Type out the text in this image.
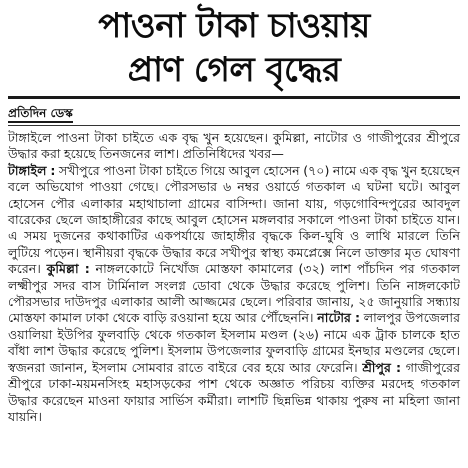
পাওনা টাকা চাওয়ায়
প্রাণ গেল বৃদ্ধের
প্রতিদিন ডেস্ক

টাঙ্গাইলে পাওনা টাকা চাইতে এক বৃদ্ধ খুন হয়েছেন। কুমিল্লা, নাটোর ও গাজীপুরের শ্রীপুরে উদ্ধার করা হয়েছে তিনজনের লাশ। প্রতিনিধিদের খবর—
টাঙ্গাইল : সখীপুরে পাওনা টাকা চাইতে গিয়ে আবুল হোসেন (৭০) নামে এক বৃদ্ধ খুন হয়েছেন বলে অভিযোগ পাওয়া গেছে। পৌরসভার ৬ নম্বর ওয়ার্ডে গতকাল এ ঘটনা ঘটে। আবুল হোসেন পৌর এলাকার মহাথাচালা গ্রামের বাসিন্দা। জানা যায়, গড়গোবিন্দপুরের আবদুল বারেকের ছেলে জাহাঙ্গীরের কাছে আবুল হোসেন মঙ্গলবার সকালে পাওনা টাকা চাইতে যান। এ সময় দুজনের কথাকাটির একপর্যায়ে জাহাঙ্গীর বৃদ্ধকে কিল-ঘুষি ও লাথি মারলে তিনি লুটিয়ে পড়েন। স্থানীয়রা বৃদ্ধকে উদ্ধার করে সখীপুর স্বাস্থ্য কমপ্লেক্সে নিলে ডাক্তার মৃত ঘোষণা করেন। কুমিল্লা : নাঙ্গলকোটে নিখোঁজ মোস্তফা কামালের (৩২) লাশ পাঁচদিন পর গতকাল লক্ষ্মীপুর সদর বাস টার্মিনাল সংলগ্ন ডোবা থেকে উদ্ধার করেছে পুলিশ। তিনি নাঙ্গলকোট পৌরসভার দাউদপুর এলাকার আলী আজ্জমের ছেলে। পরিবার জানায়, ২৫ জানুয়ারি সন্ধ্যায় মোস্তফা কামাল ঢাকা থেকে বাড়ি রওয়ানা হয়ে আর পৌঁছেননি। নাটোর : লালপুর উপজেলার ওয়ালিয়া ইউপির ফুলবাড়ি থেকে গতকাল ইসলাম মণ্ডল (২৬) নামে এক ট্রাক চালকে হাত বাঁধা লাশ উদ্ধার করেছে পুলিশ। ইসলাম উপজেলার ফুলবাড়ি গ্রামের ইনছার মণ্ডলের ছেলে। স্বজনরা জানান, ইসলাম সোমবার রাতে বাইরে বের হয়ে আর ফেরেনি। শ্রীপুর : গাজীপুরের শ্রীপুরে ঢাকা-ময়মনসিংহ মহাসড়কের পাশ থেকে অজ্ঞাত পরিচয় ব্যক্তির মরদেহ গতকাল উদ্ধার করেছেন মাওনা ফায়ার সার্ভিস কর্মীরা। লাশটি ছিন্নভিন্ন থাকায় পুরুষ না মহিলা জানা যায়নি।
